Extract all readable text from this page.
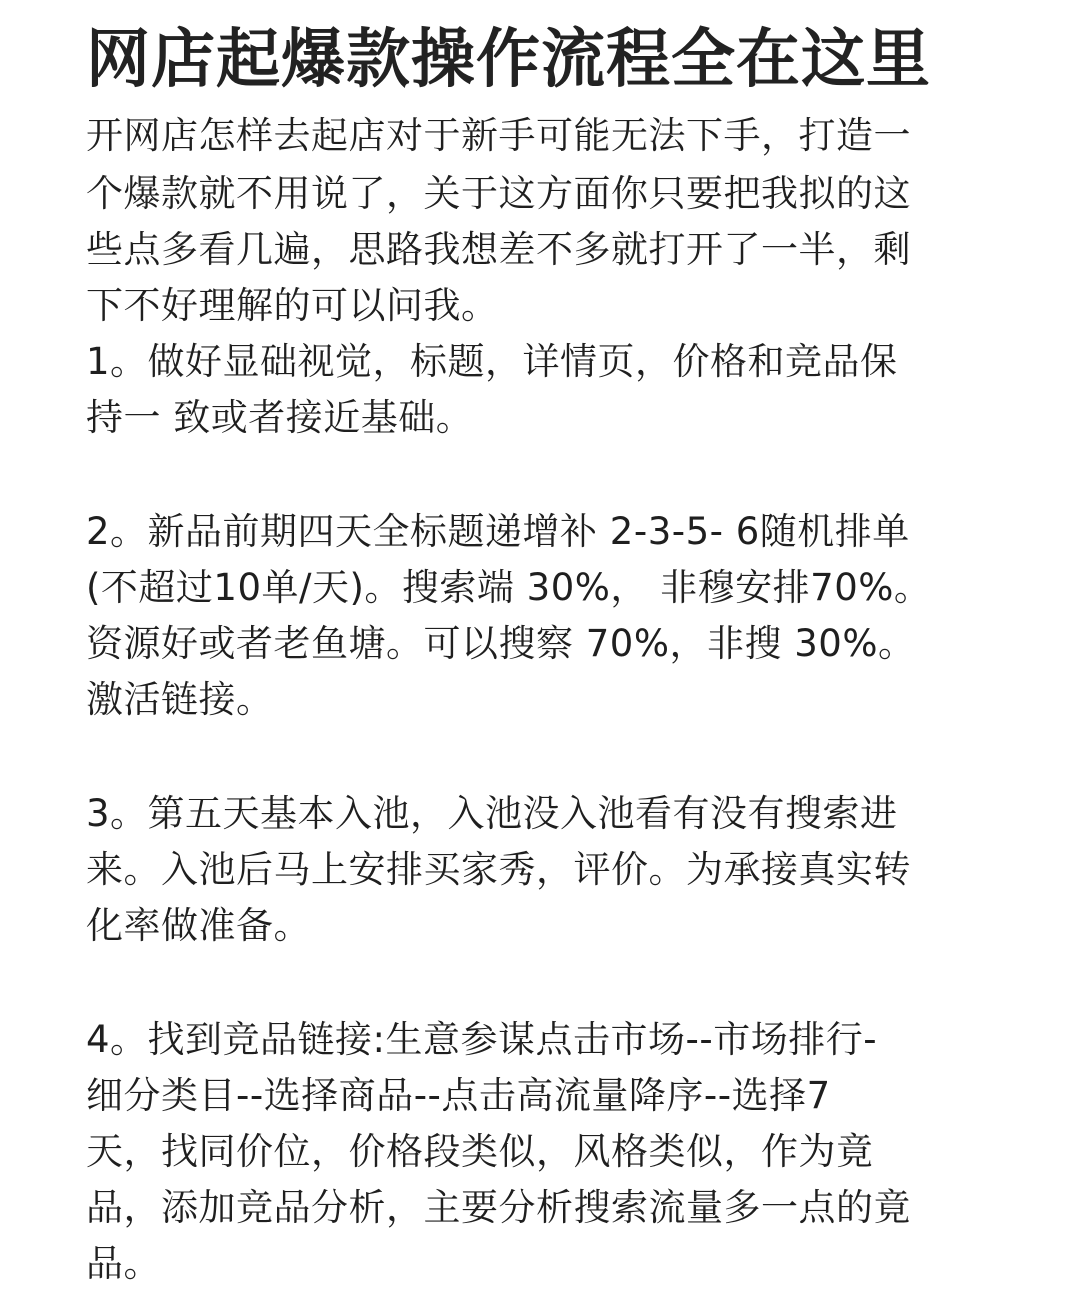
网店起爆款操作流程全在这里

开网店怎样去起店对于新手可能无法下手，打造一

个爆款就不用说了，关于这方面你只要把我拟的这

些点多看几遍，思路我想差不多就打开了一半，剩

下不好理解的可以问我。

1。做好显础视觉，标题，详情页，价格和竞品保

持一 致或者接近基础。

2。新品前期四天全标题递增补 2-3-5- 6随机排单

(不超过10单/天)。搜索端 30%， 非穆安排70%。

资源好或者老鱼塘。可以搜察 70%，非搜 30%。

激活链接。

3。第五天基本入池，入池没入池看有没有搜索进

来。入池后马上安排买家秀，评价。为承接真实转

化率做准备。

4。找到竞品链接:生意参谋点击市场--市场排行-

细分类目--选择商品--点击高流量降序--选择7

天，找同价位，价格段类似，风格类似，作为竟

品，添加竞品分析，主要分析搜索流量多一点的竟

品。
